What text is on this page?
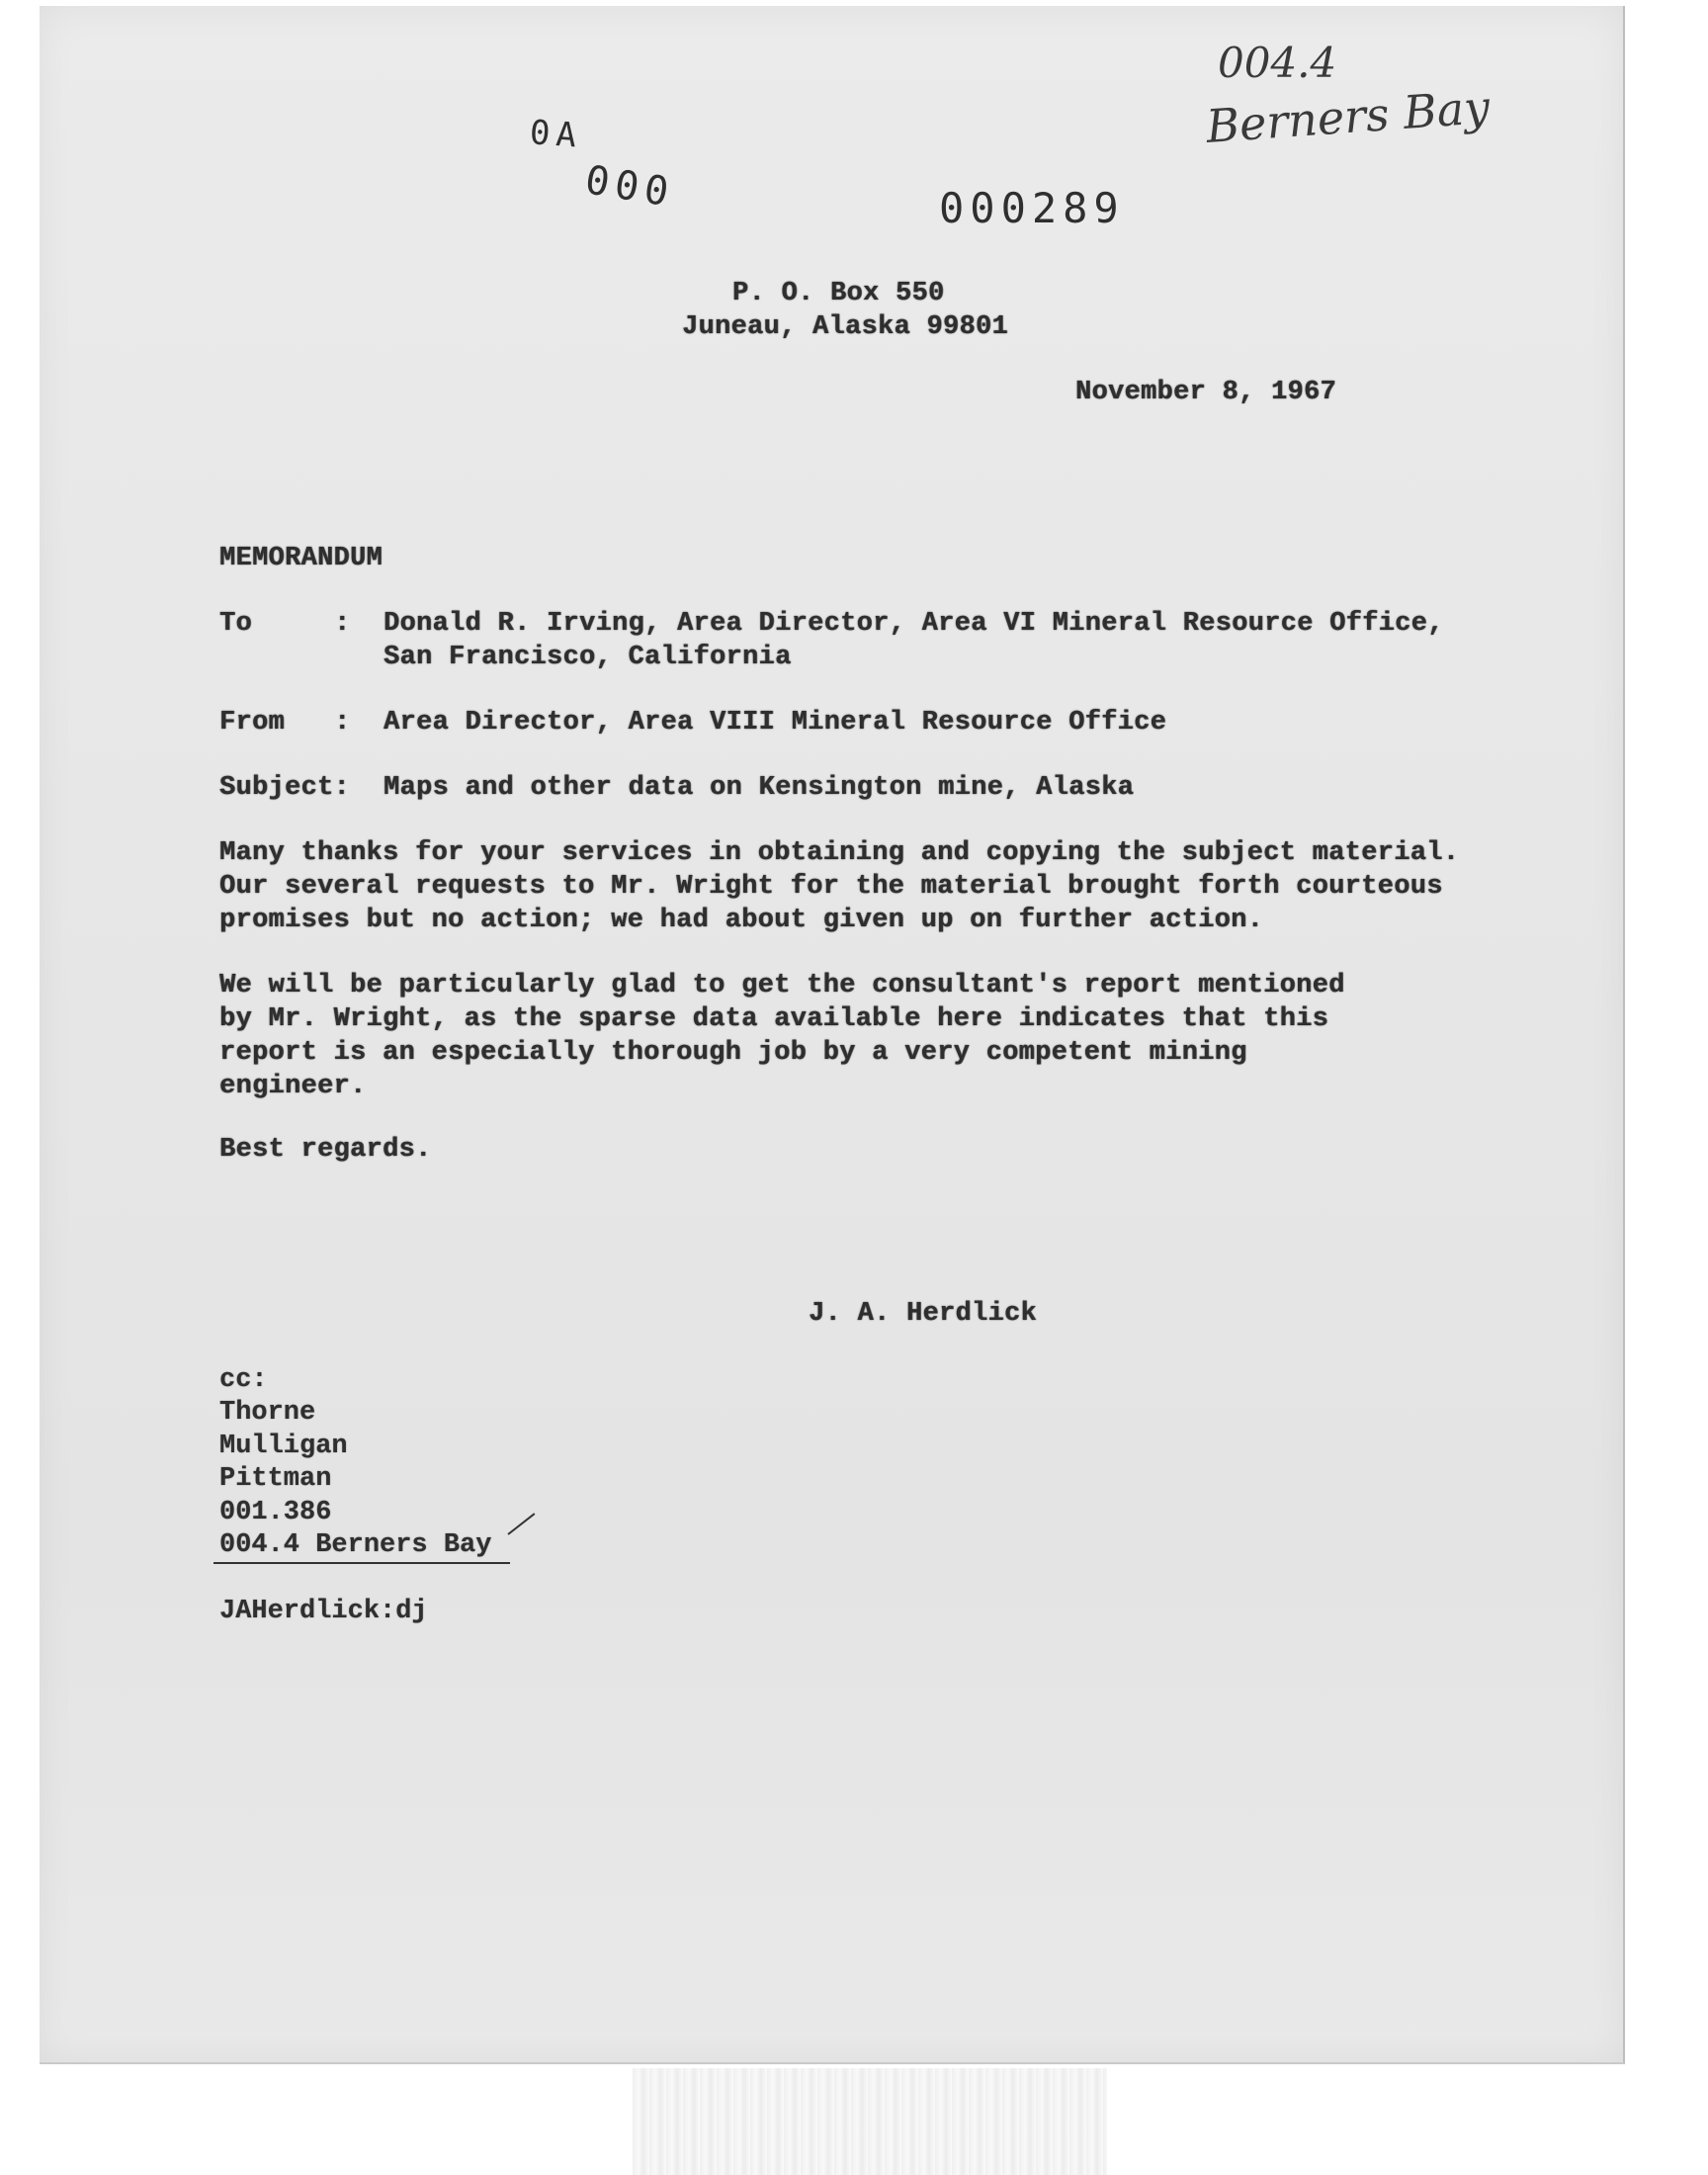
004.4
Berners Bay
0A
000	000289
P. O. Box 550
Juneau, Alaska 99801
November 8, 1967
MEMORANDUM
To	: Donald R. Irving, Area Director, Area VI Mineral Resource Office,
San Francisco, California
From : Area Director, Area VIII Mineral Resource Office
Subject: Maps and other data on Kensington mine, Alaska
Many thanks for your services in obtaining and copying the subject material.
Our several requests to Mr. Wright for the material brought forth courteous
promises but no action; we had about given up on further action.
We will be particularly glad to get the consultant's report mentioned
by Mr. Wright, as the sparse data available here indicates that this
report is an especially thorough job by a very competent mining
engineer.
Best regards.
J. A. Herdlick
cc:
Thorne
Mulligan
Pittman
001.386
004.4 Berners Bay
JAHerdlick:dj
